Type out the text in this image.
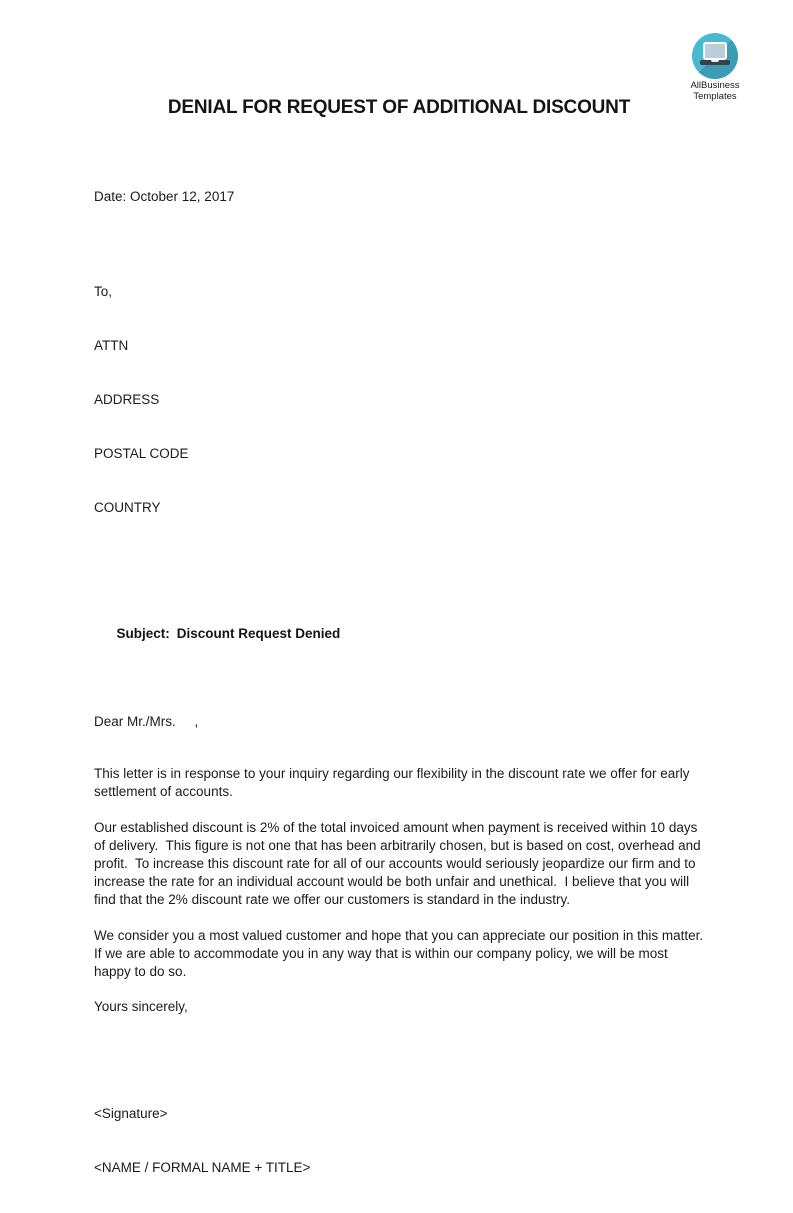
AllBusiness
Templates
DENIAL FOR REQUEST OF ADDITIONAL DISCOUNT
Date: October 12, 2017

To,

ATTN

ADDRESS

POSTAL CODE

COUNTRY

Subject: Discount Request Denied

Dear Mr./Mrs.     ,

This letter is in response to your inquiry regarding our flexibility in the discount rate we offer for early settlement of accounts.

Our established discount is 2% of the total invoiced amount when payment is received within 10 days of delivery.  This figure is not one that has been arbitrarily chosen, but is based on cost, overhead and profit.  To increase this discount rate for all of our accounts would seriously jeopardize our firm and to increase the rate for an individual account would be both unfair and unethical.  I believe that you will find that the 2% discount rate we offer our customers is standard in the industry.

We consider you a most valued customer and hope that you can appreciate our position in this matter.  If we are able to accommodate you in any way that is within our company policy, we will be most happy to do so.

Yours sincerely,

<Signature>

<NAME / FORMAL NAME + TITLE>
